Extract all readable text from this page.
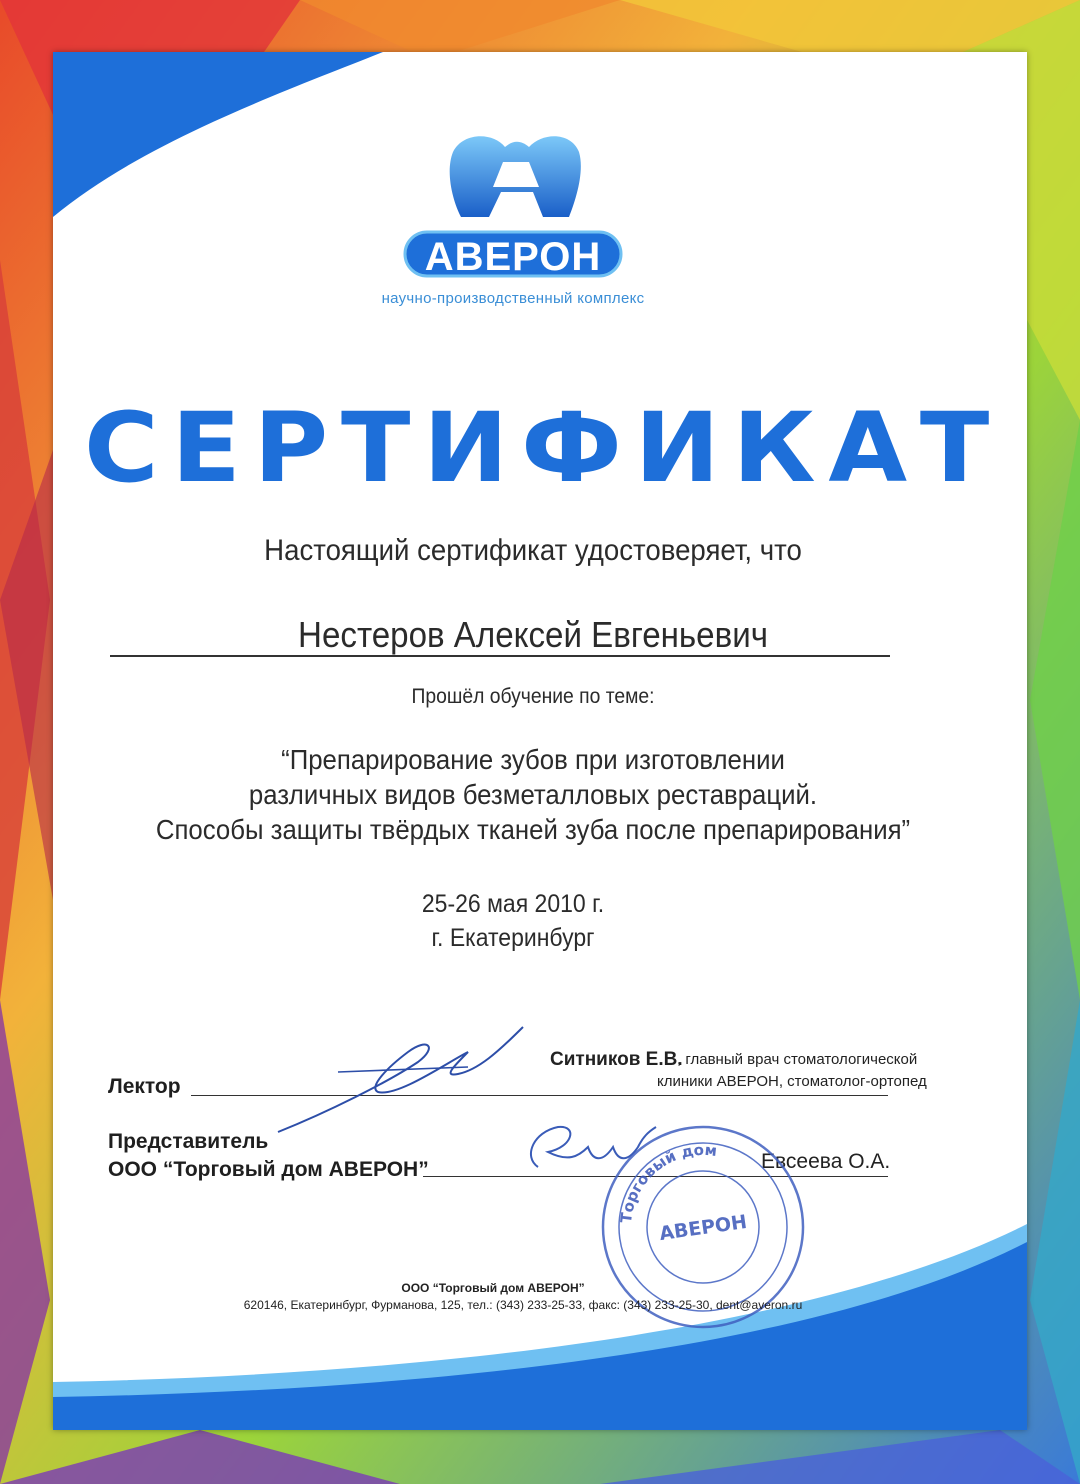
АВЕРОН
научно-производственный комплекс
СЕРТИФИКАТ
Настоящий сертификат удостоверяет, что
Нестеров Алексей Евгеньевич
Прошёл обучение по теме:
“Препарирование зубов при изготовлении
различных видов безметалловых реставраций.
Способы защиты твёрдых тканей зуба после препарирования”
25-26 мая 2010 г.
г. Екатеринбург
Лектор
Ситников Е.В.
, главный врач стоматологической
клиники АВЕРОН, стоматолог-ортопед
Представитель
ООО “Торговый дом АВЕРОН”	Евсеева О.А.
Торговый дом
АВЕРОН
ООО “Торговый дом АВЕРОН”
620146, Екатеринбург, Фурманова, 125, тел.: (343) 233-25-33, факс: (343) 233-25-30, dent@averon.ru
